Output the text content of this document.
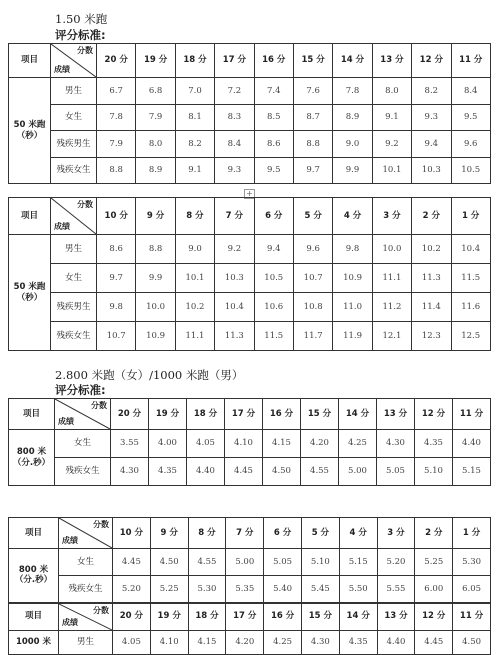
1.50 米跑
评分标准:
项目	分数
成绩	20 分	19 分	18 分	17 分	16 分	15 分	14 分	13 分	12 分	11 分
50 米跑（秒）	男生	6.7	6.8	7.0	7.2	7.4	7.6	7.8	8.0	8.2	8.4
	女生	7.8	7.9	8.1	8.3	8.5	8.7	8.9	9.1	9.3	9.5
	残疾男生	7.9	8.0	8.2	8.4	8.6	8.8	9.0	9.2	9.4	9.6
	残疾女生	8.8	8.9	9.1	9.3	9.5	9.7	9.9	10.1	10.3	10.5
+
项目	分数
成绩	10 分	9 分	8 分	7 分	6 分	5 分	4 分	3 分	2 分	1 分
50 米跑（秒）	男生	8.6	8.8	9.0	9.2	9.4	9.6	9.8	10.0	10.2	10.4
	女生	9.7	9.9	10.1	10.3	10.5	10.7	10.9	11.1	11.3	11.5
	残疾男生	9.8	10.0	10.2	10.4	10.6	10.8	11.0	11.2	11.4	11.6
	残疾女生	10.7	10.9	11.1	11.3	11.5	11.7	11.9	12.1	12.3	12.5
2.800 米跑（女）/1000 米跑（男）
评分标准:
项目	分数
成绩	20 分	19 分	18 分	17 分	16 分	15 分	14 分	13 分	12 分	11 分
800 米（分.秒）	女生	3.55	4.00	4.05	4.10	4.15	4.20	4.25	4.30	4.35	4.40
	残疾女生	4.30	4.35	4.40	4.45	4.50	4.55	5.00	5.05	5.10	5.15
项目	分数
成绩	10 分	9 分	8 分	7 分	6 分	5 分	4 分	3 分	2 分	1 分
800 米（分.秒）	女生	4.45	4.50	4.55	5.00	5.05	5.10	5.15	5.20	5.25	5.30
	残疾女生	5.20	5.25	5.30	5.35	5.40	5.45	5.50	5.55	6.00	6.05
项目	分数
成绩	20 分	19 分	18 分	17 分	16 分	15 分	14 分	13 分	12 分	11 分
1000 米	男生	4.05	4.10	4.15	4.20	4.25	4.30	4.35	4.40	4.45	4.50
